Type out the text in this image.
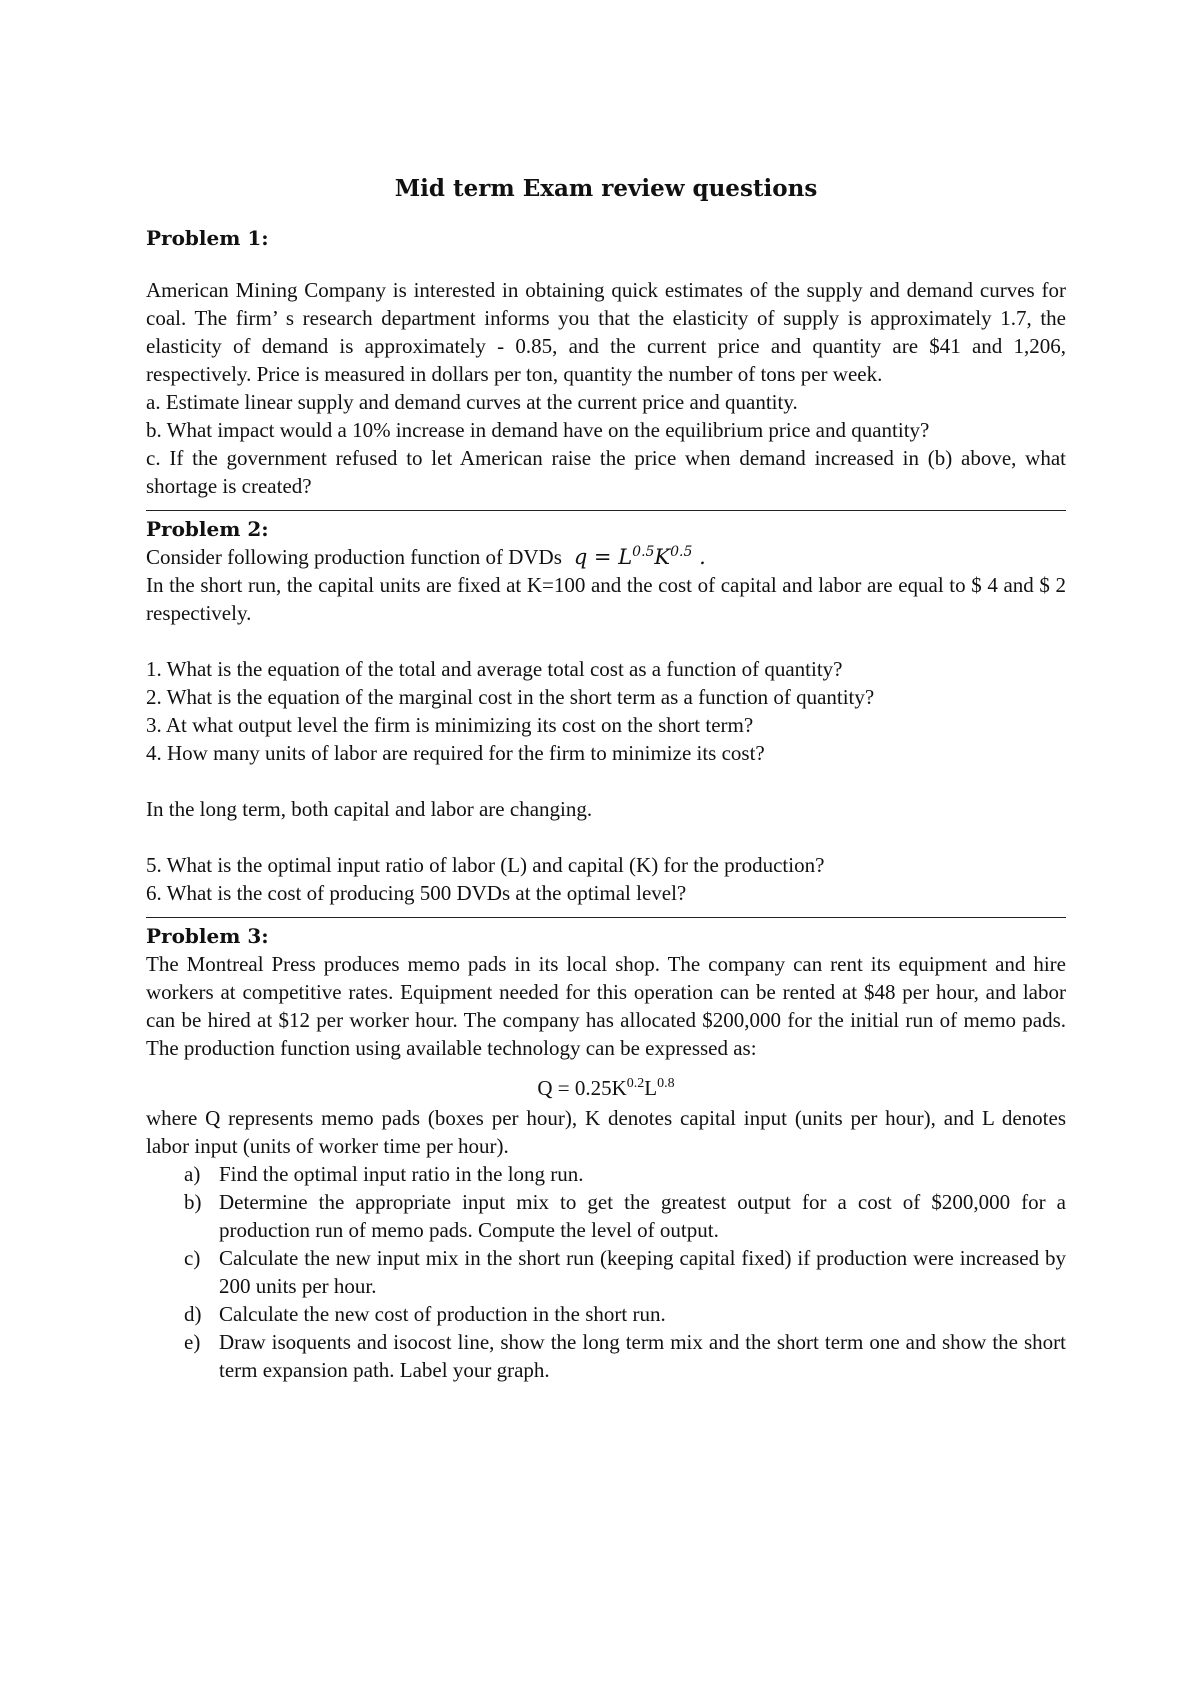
Mid term Exam review questions
Problem 1:

American Mining Company is interested in obtaining quick estimates of the supply and demand curves for coal. The firm’ s research department informs you that the elasticity of supply is approximately 1.7, the elasticity of demand is approximately - 0.85, and the current price and quantity are $41 and 1,206, respectively. Price is measured in dollars per ton, quantity the number of tons per week.

a. Estimate linear supply and demand curves at the current price and quantity.

b. What impact would a 10% increase in demand have on the equilibrium price and quantity?

c. If the government refused to let American raise the price when demand increased in (b) above, what shortage is created?

Problem 2:

Consider following production function of DVDs $q = L^{0.5}K^{0.5}$ .

In the short run, the capital units are fixed at K=100 and the cost of capital and labor are equal to $ 4 and $ 2 respectively.

1. What is the equation of the total and average total cost as a function of quantity?

2. What is the equation of the marginal cost in the short term as a function of quantity?

3. At what output level the firm is minimizing its cost on the short term?

4. How many units of labor are required for the firm to minimize its cost?

In the long term, both capital and labor are changing.

5. What is the optimal input ratio of labor (L) and capital (K) for the production?

6. What is the cost of producing 500 DVDs at the optimal level?

Problem 3:

The Montreal Press produces memo pads in its local shop. The company can rent its equipment and hire workers at competitive rates. Equipment needed for this operation can be rented at $48 per hour, and labor can be hired at $12 per worker hour. The company has allocated $200,000 for the initial run of memo pads. The production function using available technology can be expressed as:

$Q = 0.25K^{0.2}L^{0.8}$

where Q represents memo pads (boxes per hour), K denotes capital input (units per hour), and L denotes labor input (units of worker time per hour).

a) Find the optimal input ratio in the long run.
b) Determine the appropriate input mix to get the greatest output for a cost of $200,000 for a production run of memo pads. Compute the level of output.
c) Calculate the new input mix in the short run (keeping capital fixed) if production were increased by 200 units per hour.
d) Calculate the new cost of production in the short run.
e) Draw isoquents and isocost line, show the long term mix and the short term one and show the short term expansion path. Label your graph.
